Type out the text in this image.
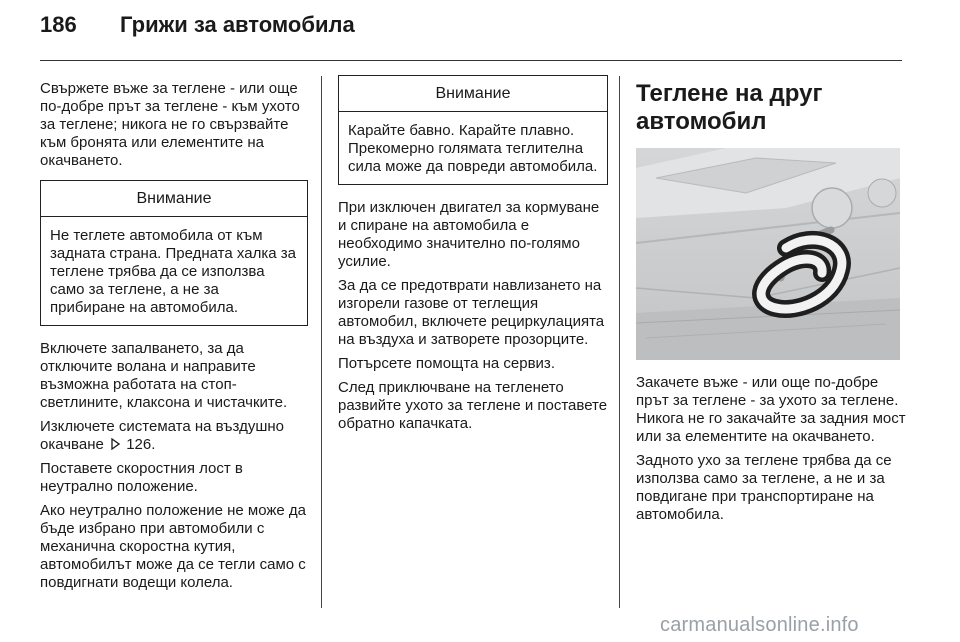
186 Грижи за автомобила

Свържете въже за теглене - или още по-добре прът за теглене - към ухото за теглене; никога не го свързвайте към бронята или елементите на окачването.

Внимание

Не теглете автомобила от към задната страна. Предната халка за теглене трябва да се използва само за теглене, а не за прибиране на автомобила.

Включете запалването, за да отключите волана и направите възможна работата на стоп-светлините, клаксона и чистачките.

Изключете системата на въздушно окачване 126.

Поставете скоростния лост в неутрално положение.

Ако неутрално положение не може да бъде избрано при автомобили с механична скоростна кутия, автомобилът може да се тегли само с повдигнати водещи колела.

Внимание

Карайте бавно. Карайте плавно. Прекомерно голямата теглителна сила може да повреди автомобила.

При изключен двигател за кормуване и спиране на автомобила е необходимо значително по-голямо усилие.

За да се предотврати навлизането на изгорели газове от теглещия автомобил, включете рециркулацията на въздуха и затворете прозорците.

Потърсете помощта на сервиз.

След приключване на тегленето развийте ухото за теглене и поставете обратно капачката.

Теглене на друг автомобил

Закачете въже - или още по-добре прът за теглене - за ухото за теглене. Никога не го закачайте за задния мост или за елементите на окачването.

Задното ухо за теглене трябва да се използва само за теглене, а не и за повдигане при транспортиране на автомобила.

carmanualsonline.info
